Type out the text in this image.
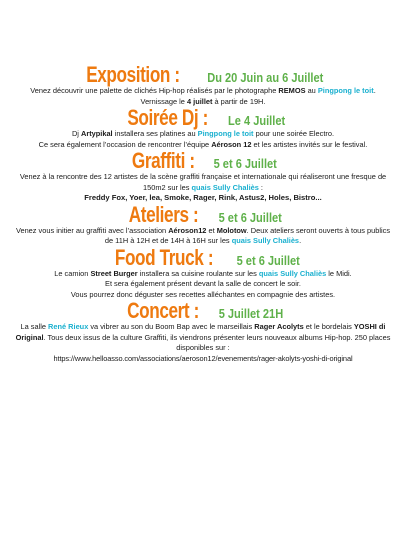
Exposition : Du 20 Juin au 6 Juillet

Venez découvrir une palette de clichés Hip-hop réalisés par le photographe REMOS au Pingpong le toit.

Vernissage le 4 juillet à partir de 19H.

Soirée Dj : Le 4 Juillet

Dj Artypikal installera ses platines au Pingpong le toit pour une soirée Electro.

Ce sera également l’occasion de rencontrer l’équipe Aéroson 12 et les artistes invités sur le festival.

Graffiti : 5 et 6 Juillet

Venez à la rencontre des 12 artistes de la scène graffiti française et internationale qui réaliseront une fresque de 150m2 sur les quais Sully Chaliès :

Freddy Fox, Yoer, lea, Smoke, Rager, Rink, Astus2, Holes, Bistro...

Ateliers : 5 et 6 Juillet

Venez vous initier au graffiti avec l’association Aéroson12 et Molotow. Deux ateliers seront ouverts à tous publics de 11H à 12H et de 14H à 16H sur les quais Sully Chaliès.

Food Truck : 5 et 6 Juillet

Le camion Street Burger installera sa cuisine roulante sur les quais Sully Chaliès le Midi.

Et sera également présent devant la salle de concert le soir.

Vous pourrez donc déguster ses recettes alléchantes en compagnie des artistes.

Concert : 5 Juillet 21H

La salle René Rieux va vibrer au son du Boom Bap avec le marseillais Rager Acolyts et le bordelais YOSHI di Original. Tous deux issus de la culture Graffiti, ils viendrons présenter leurs nouveaux albums Hip-hop. 250 places disponibles sur :

https://www.helloasso.com/associations/aeroson12/evenements/rager-akolyts-yoshi-di-original
